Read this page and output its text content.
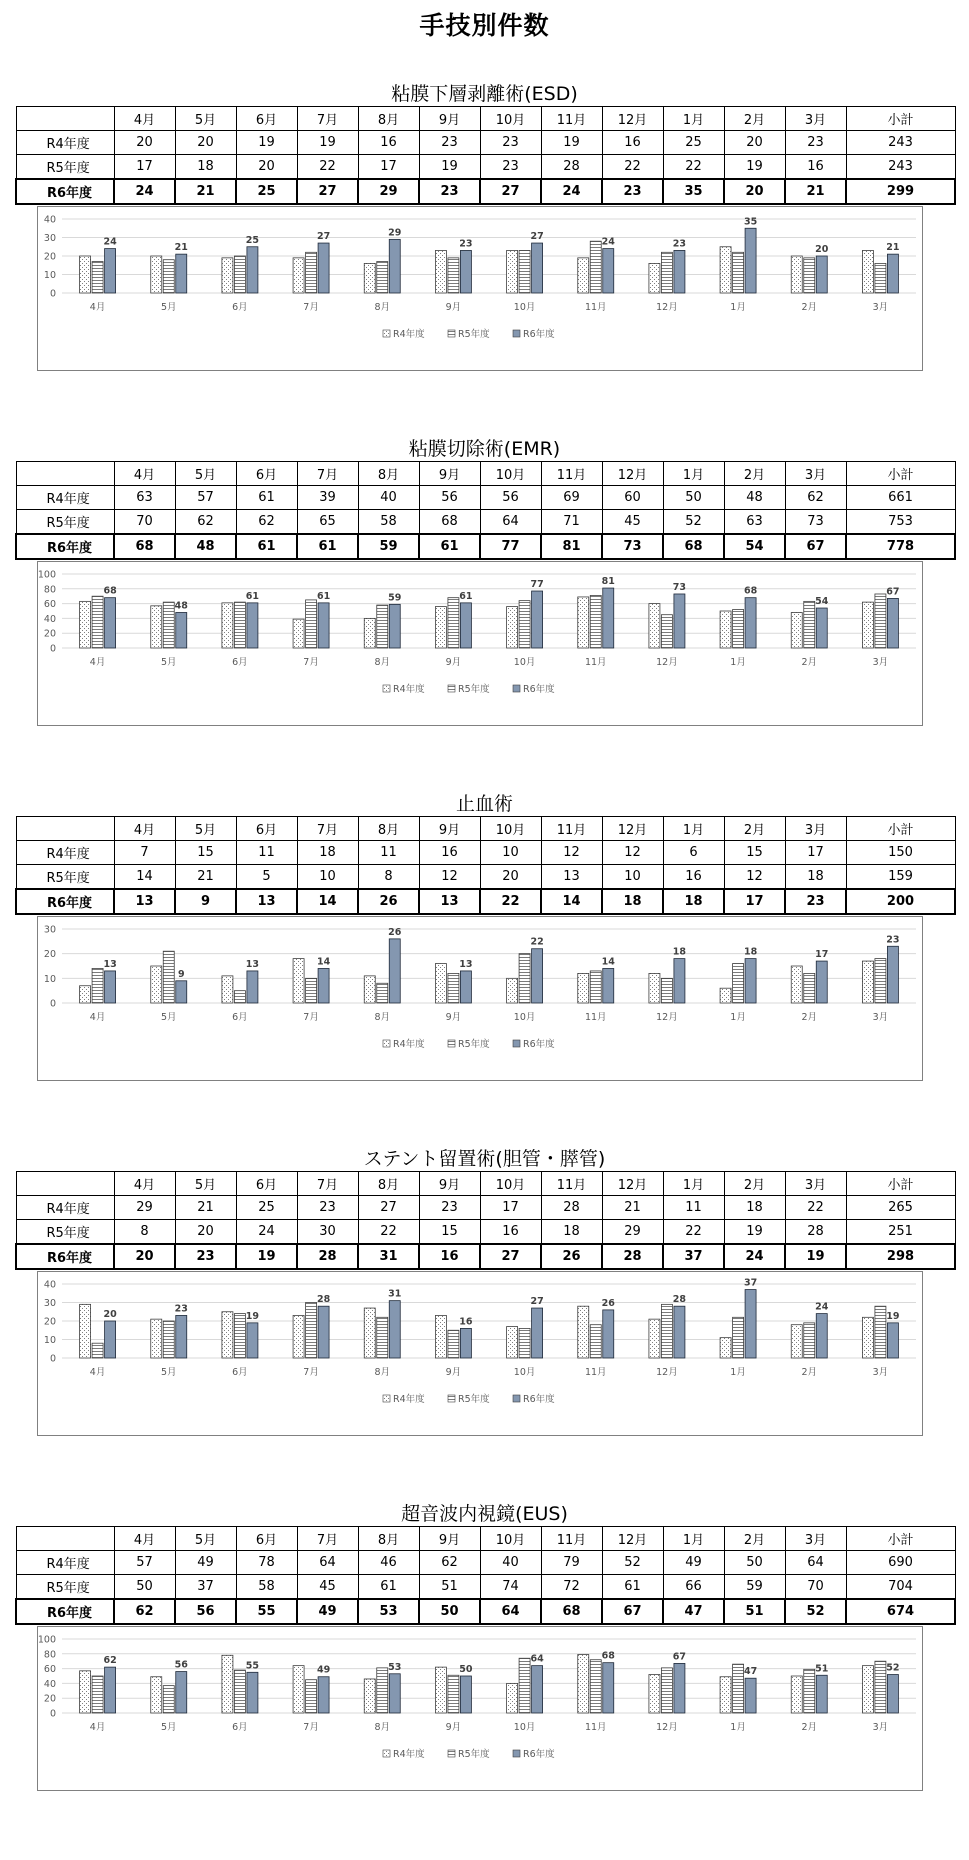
手技別件数
粘膜下層剥離術(ESD)
	4月	5月	6月	7月	8月	9月	10月	11月	12月	1月	2月	3月	小計
R4年度	20	20	19	19	16	23	23	19	16	25	20	23	243
R5年度	17	18	20	22	17	19	23	28	22	22	19	16	243
R6年度	24	21	25	27	29	23	27	24	23	35	20	21	299
0
10
20
30
40
24
4月
21
5月
25
6月
27
7月
29
8月
23
9月
27
10月
24
11月
23
12月
35
1月
20
2月
21
3月
R4年度	R5年度	R6年度
粘膜切除術(EMR)
	4月	5月	6月	7月	8月	9月	10月	11月	12月	1月	2月	3月	小計
R4年度	63	57	61	39	40	56	56	69	60	50	48	62	661
R5年度	70	62	62	65	58	68	64	71	45	52	63	73	753
R6年度	68	48	61	61	59	61	77	81	73	68	54	67	778
0
20
40
60
80
100
68
4月
48
5月
61
6月
61
7月
59
8月
61
9月
77
10月
81
11月
73
12月
68
1月
54
2月
67
3月
R4年度	R5年度	R6年度
止血術
	4月	5月	6月	7月	8月	9月	10月	11月	12月	1月	2月	3月	小計
R4年度	7	15	11	18	11	16	10	12	12	6	15	17	150
R5年度	14	21	5	10	8	12	20	13	10	16	12	18	159
R6年度	13	9	13	14	26	13	22	14	18	18	17	23	200
0
10
20
30
13
4月
9
5月
13
6月
14
7月
26
8月
13
9月
22
10月
14
11月
18
12月
18
1月
17
2月
23
3月
R4年度	R5年度	R6年度
ステント留置術(胆管・膵管)
	4月	5月	6月	7月	8月	9月	10月	11月	12月	1月	2月	3月	小計
R4年度	29	21	25	23	27	23	17	28	21	11	18	22	265
R5年度	8	20	24	30	22	15	16	18	29	22	19	28	251
R6年度	20	23	19	28	31	16	27	26	28	37	24	19	298
0
10
20
30
40
20
4月
23
5月
19
6月
28
7月
31
8月
16
9月
27
10月
26
11月
28
12月
37
1月
24
2月
19
3月
R4年度	R5年度	R6年度
超音波内視鏡(EUS)
	4月	5月	6月	7月	8月	9月	10月	11月	12月	1月	2月	3月	小計
R4年度	57	49	78	64	46	62	40	79	52	49	50	64	690
R5年度	50	37	58	45	61	51	74	72	61	66	59	70	704
R6年度	62	56	55	49	53	50	64	68	67	47	51	52	674
0
20
40
60
80
100
62
4月
56
5月
55
6月
49
7月
53
8月
50
9月
64
10月
68
11月
67
12月
47
1月
51
2月
52
3月
R4年度	R5年度	R6年度
